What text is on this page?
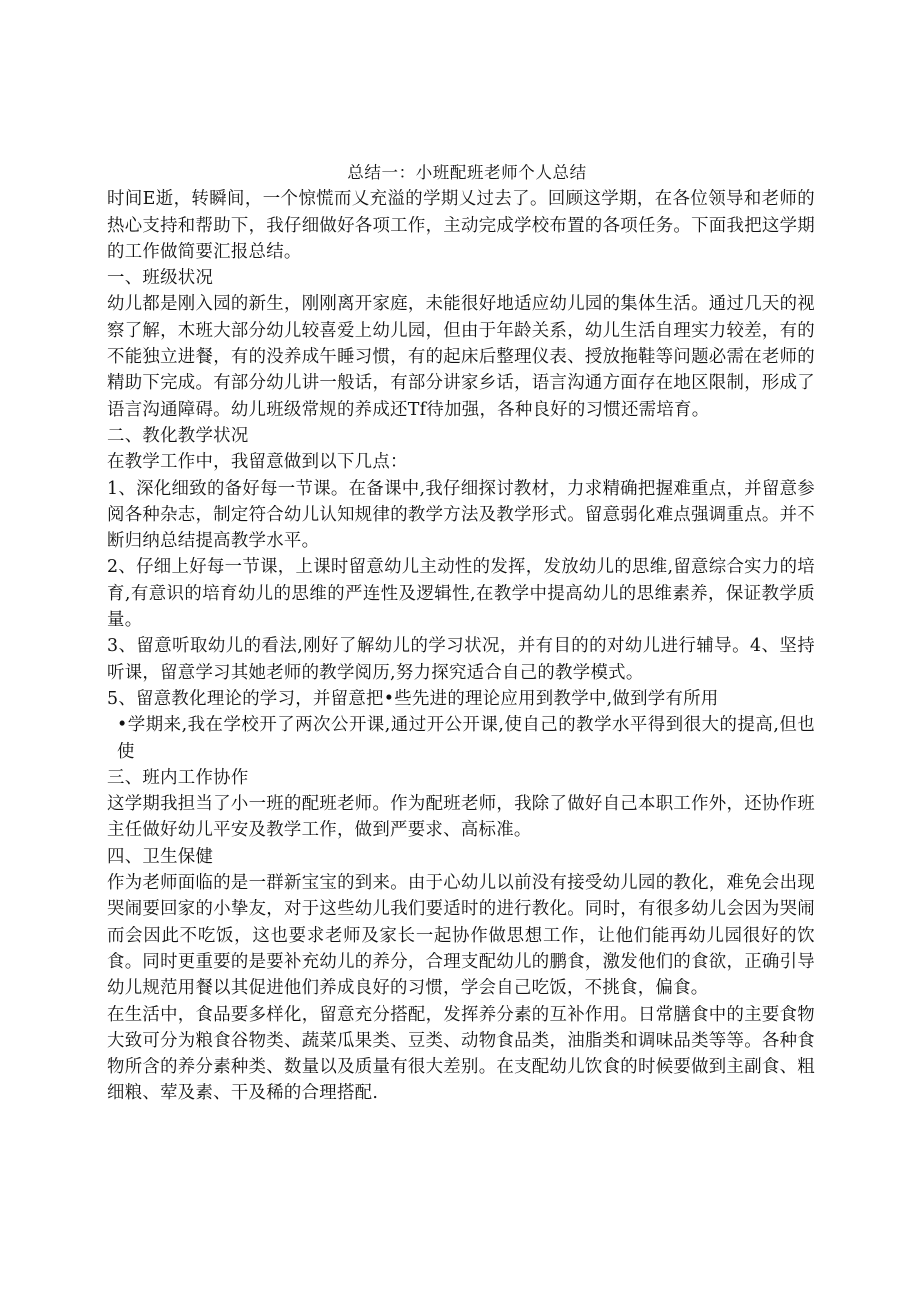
总结一：小班配班老师个人总结

时间E逝，转瞬间，一个惊慌而乂充溢的学期乂过去了。回顾这学期，在各位领导和老师的热心支持和帮助下，我仔细做好各项工作，主动完成学校布置的各项任务。下面我把这学期的工作做简要汇报总结。

一、班级状况

幼儿都是刚入园的新生，刚刚离开家庭，未能很好地适应幼儿园的集体生活。通过几天的视察了解，木班大部分幼儿较喜爱上幼儿园，但由于年龄关系，幼儿生活自理实力较差，有的不能独立进餐，有的没养成午睡习惯，有的起床后整理仪表、授放拖鞋等问题必需在老师的精助下完成。有部分幼儿讲一般话，有部分讲家乡话，语言沟通方面存在地区限制，形成了语言沟通障碍。幼儿班级常规的养成还Tf待加强，各种良好的习惯还需培育。

二、教化教学状况

在教学工作中，我留意做到以下几点：

1、深化细致的备好每一节课。在备课中,我仔细探讨教材，力求精确把握难重点，并留意参阅各种杂志，制定符合幼儿认知规律的教学方法及教学形式。留意弱化难点强调重点。并不断归纳总结提高教学水平。

2、仔细上好每一节课，上课时留意幼儿主动性的发挥，发放幼儿的思维,留意综合实力的培育,有意识的培育幼儿的思维的严连性及逻辑性,在教学中提高幼儿的思维素养，保证教学质量。

3、留意听取幼儿的看法,刚好了解幼儿的学习状况，并有目的的对幼儿进行辅导。4、坚持听课，留意学习其她老师的教学阅历,努力探究适合自己的教学模式。

5、留意教化理论的学习，并留意把•些先进的理论应用到教学中,做到学有所用

•学期来,我在学校开了两次公开课,通过开公开课,使自己的教学水平得到很大的提高,但也使

三、班内工作协作

这学期我担当了小一班的配班老师。作为配班老师，我除了做好自己本职工作外，还协作班主任做好幼儿平安及教学工作，做到严要求、高标准。

四、卫生保健

作为老师面临的是一群新宝宝的到来。由于心幼儿以前没有接受幼儿园的教化，难免会出现哭闹要回家的小挚友，对于这些幼儿我们要适时的进行教化。同时，有很多幼儿会因为哭闹而会因此不吃饭，这也要求老师及家长一起协作做思想工作，让他们能再幼儿园很好的饮食。同时更重要的是要补充幼儿的养分，合理支配幼儿的鹏食，激发他们的食欲，正确引导幼儿规范用餐以其促进他们养成良好的习惯，学会自己吃饭，不挑食，偏食。

在生活中，食品要多样化，留意充分搭配，发挥养分素的互补作用。日常膳食中的主要食物大致可分为粮食谷物类、蔬菜瓜果类、豆类、动物食品类，油脂类和调味品类等等。各种食物所含的养分素种类、数量以及质量有很大差别。在支配幼儿饮食的时候要做到主副食、粗细粮、荤及素、干及稀的合理搭配.
